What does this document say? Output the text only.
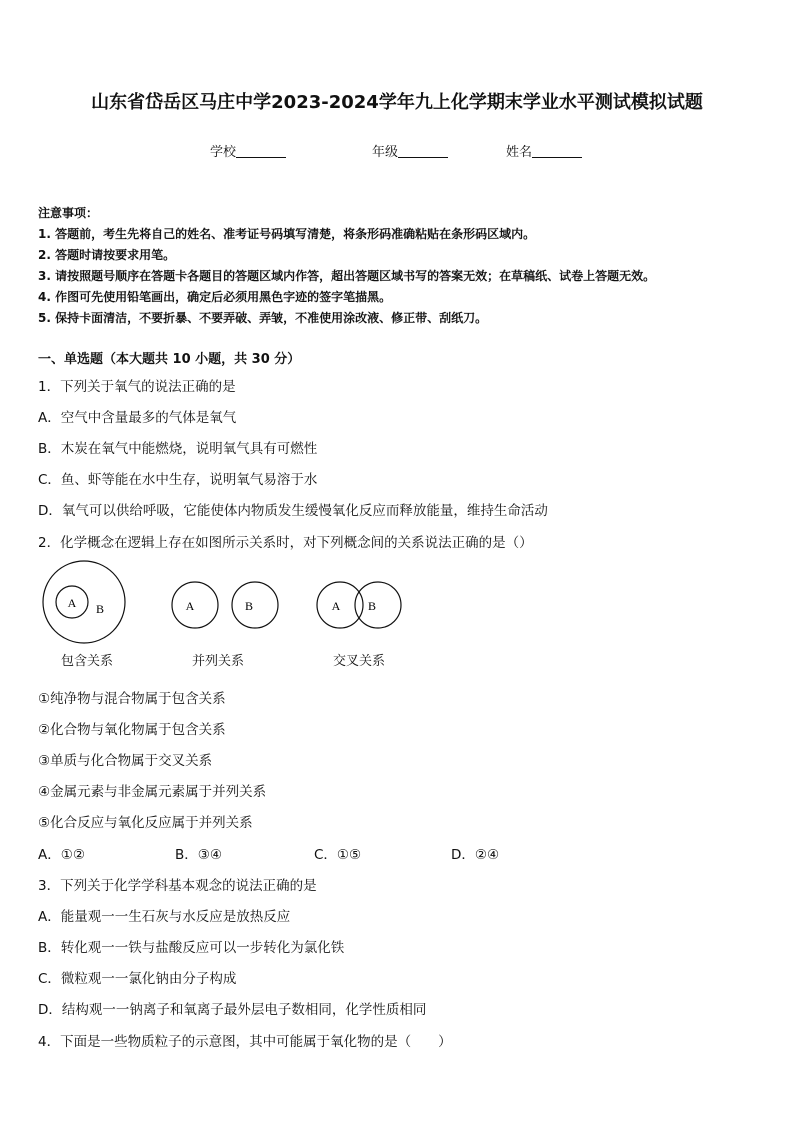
山东省岱岳区马庄中学2023-2024学年九上化学期末学业水平测试模拟试题
学校	年级	姓名
注意事项：
1. 答题前，考生先将自己的姓名、准考证号码填写清楚，将条形码准确粘贴在条形码区域内。
2. 答题时请按要求用笔。
3. 请按照题号顺序在答题卡各题目的答题区域内作答，超出答题区域书写的答案无效；在草稿纸、试卷上答题无效。
4. 作图可先使用铅笔画出，确定后必须用黑色字迹的签字笔描黑。
5. 保持卡面清洁，不要折暴、不要弄破、弄皱，不准使用涂改液、修正带、刮纸刀。
一、单选题（本大题共 10 小题，共 30 分）
1．下列关于氧气的说法正确的是
A．空气中含量最多的气体是氧气
B．木炭在氧气中能燃烧，说明氧气具有可燃性
C．鱼、虾等能在水中生存，说明氧气易溶于水
D．氧气可以供给呼吸，它能使体内物质发生缓慢氧化反应而释放能量，维持生命活动
2．化学概念在逻辑上存在如图所示关系时，对下列概念间的关系说法正确的是（）
A B	A	B	A B
包含关系	并列关系	交叉关系
①纯净物与混合物属于包含关系
②化合物与氧化物属于包含关系
③单质与化合物属于交叉关系
④金属元素与非金属元素属于并列关系
⑤化合反应与氧化反应属于并列关系
A．①②	B．③④	C．①⑤	D．②④
3．下列关于化学学科基本观念的说法正确的是
A．能量观一一生石灰与水反应是放热反应
B．转化观一一铁与盐酸反应可以一步转化为氯化铁
C．微粒观一一氯化钠由分子构成
D．结构观一一钠离子和氧离子最外层电子数相同，化学性质相同
4．下面是一些物质粒子的示意图，其中可能属于氧化物的是（　　）
